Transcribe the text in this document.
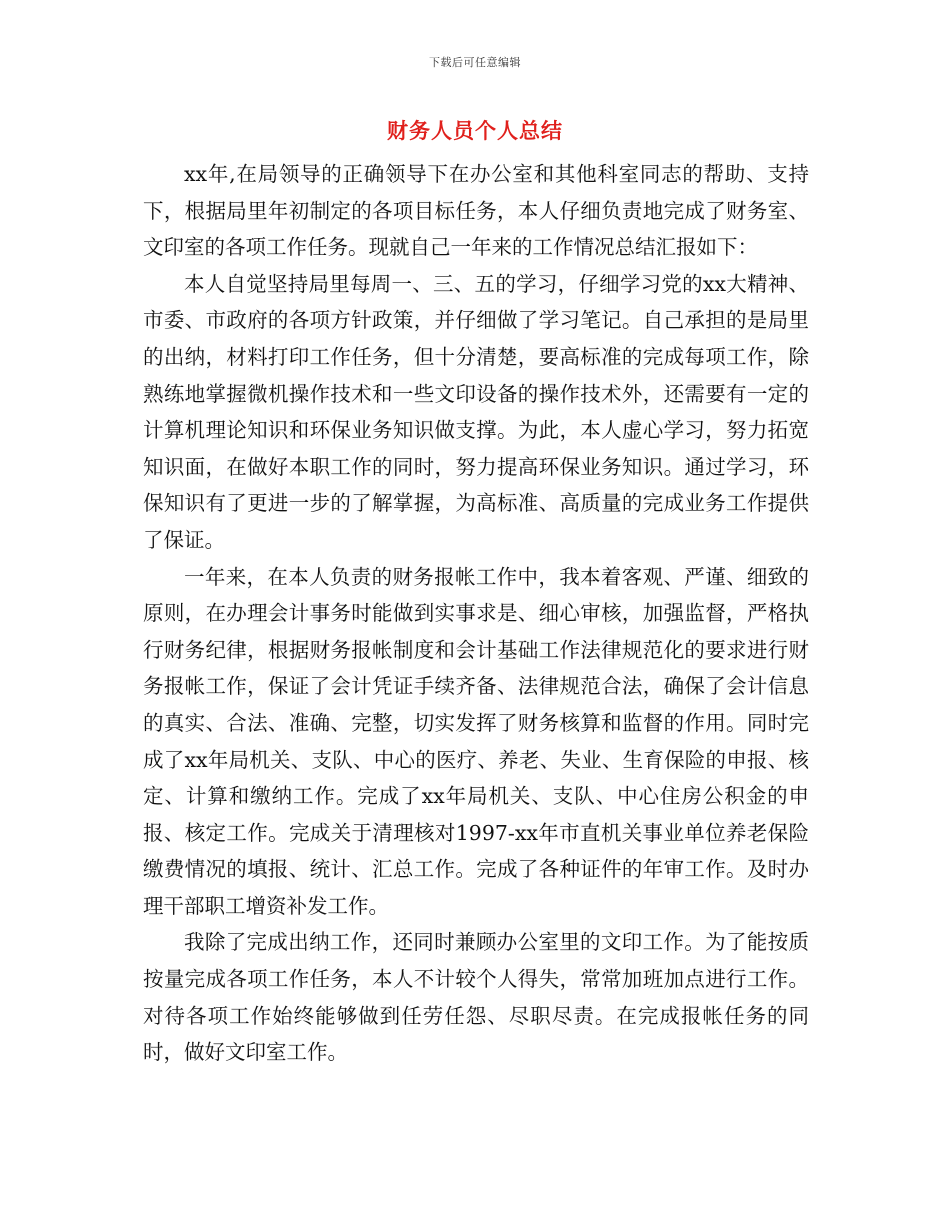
下载后可任意编辑
财务人员个人总结

xx年,在局领导的正确领导下在办公室和其他科室同志的帮助、支持下，根据局里年初制定的各项目标任务，本人仔细负责地完成了财务室、文印室的各项工作任务。现就自己一年来的工作情况总结汇报如下：

本人自觉坚持局里每周一、三、五的学习，仔细学习党的xx大精神、市委、市政府的各项方针政策，并仔细做了学习笔记。自己承担的是局里的出纳，材料打印工作任务，但十分清楚，要高标准的完成每项工作，除熟练地掌握微机操作技术和一些文印设备的操作技术外，还需要有一定的计算机理论知识和环保业务知识做支撑。为此，本人虚心学习，努力拓宽知识面，在做好本职工作的同时，努力提高环保业务知识。通过学习，环保知识有了更进一步的了解掌握，为高标准、高质量的完成业务工作提供了保证。

一年来，在本人负责的财务报帐工作中，我本着客观、严谨、细致的原则，在办理会计事务时能做到实事求是、细心审核，加强监督，严格执行财务纪律，根据财务报帐制度和会计基础工作法律规范化的要求进行财务报帐工作，保证了会计凭证手续齐备、法律规范合法，确保了会计信息的真实、合法、准确、完整，切实发挥了财务核算和监督的作用。同时完成了xx年局机关、支队、中心的医疗、养老、失业、生育保险的申报、核定、计算和缴纳工作。完成了xx年局机关、支队、中心住房公积金的申报、核定工作。完成关于清理核对1997-xx年市直机关事业单位养老保险缴费情况的填报、统计、汇总工作。完成了各种证件的年审工作。及时办理干部职工增资补发工作。

我除了完成出纳工作，还同时兼顾办公室里的文印工作。为了能按质按量完成各项工作任务，本人不计较个人得失，常常加班加点进行工作。对待各项工作始终能够做到任劳任怨、尽职尽责。在完成报帐任务的同时，做好文印室工作。
